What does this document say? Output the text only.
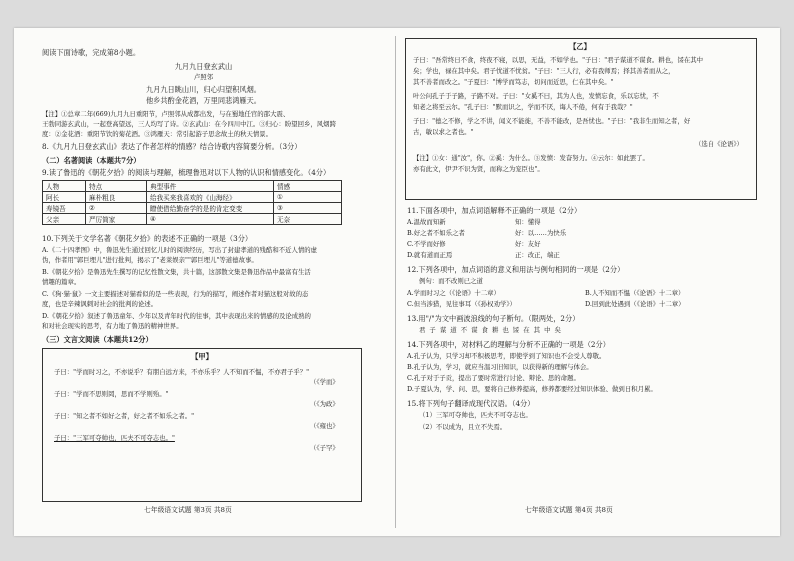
阅读下面诗歌，完成第8小题。
九月九日登玄武山
卢照邻
九月九日眺山川，归心归望积风烟。
他乡共酌金花酒，万里同悲鸿雁天。
【注】①总章二年(669)九月九日重阳节，卢照邻从成都出发，与在蜀地任官的邵大震、
王勃同游玄武山，一起登高望远，三人均写了诗。②玄武山：在今四川中江。③归心：盼望回乡，风烟跨
度：②金花酒：重阳节饮的菊花酒。③鸿雁天：常引起游子思念故土的秋天情景。
8.《九月九日登玄武山》表达了作者怎样的情感？结合诗歌内容简要分析。（3分）
（二）名著阅读（本题共7分）
9.读了鲁迅的《朝花夕拾》的阅读与理解，梳理鲁迅对以下人物的认识和情感变化。（4分）
人物	特点	典型事件	情感
阿长	麻朴粗良	给我买来我喜欢的《山海经》	①
寿镜吾	②	瞭使借给勤奋学的是的肯定变变	③
父亲	严厉简家	④	无奈
10.下列关于文学名著《朝花夕拾》的表述不正确的一项是（3分）
A.《二十四孝图》中，鲁迅先生通过回忆儿时的阅读经历，写出了封建孝道的残酷和不近人情的虚
伪，作者用"郭巨埋儿"进行批判，揭示了"老莱娱亲""郭巨埋儿"等道德故事。
B.《朝花夕拾》是鲁迅先生撰写的记忆性散文集，共十篇，这部散文集是鲁迅作品中最富有生活
情趣的篇章。
C.《狗·猫·鼠》一文主要描述对猫看似的是一些表现，行为的描写，阐述作者对猫这般对故的态
度，也是辛辣讽刺对社会的批判的论述。
D.《朝花夕拾》叙述了鲁迅童年、少年以及青年时代的往事，其中表现出来的情感的及论成熟的
和对社会现实的思考，有力地了鲁迅的精神世界。
（三）文言文阅读（本题共12分）
【甲】
子曰："学而时习之，不亦说乎？有朋自远方来，不亦乐乎？人不知而不愠，不亦君子乎？"
（《学而》
子曰："学而不思则罔，思而不学则殆。"
（《为政》
子曰："知之者不如好之者，好之者不如乐之者。"
（《雍也》
子曰："三军可夺帅也，匹夫不可夺志也。"
（《子罕》
七年级语文试题 第3页 共8页
【乙】
子曰："吾常终日不食，终夜不寝，以思，无益，不如学也。"子曰："君子谋道不谋食。耕也，馁在其中
矣；学也，禄在其中矣。君子忧道不忧贫。"子曰："三人行，必有我师焉；择其善者而从之，
其不善者而改之。"子夏曰："博学而笃志，切问而近思，仁在其中矣。"
叶公问孔子于子路，子路不对。子曰："女奚不曰，其为人也，发愤忘食，乐以忘忧，不
知老之将至云尔。"孔子曰："默而识之，学而不厌，诲人不倦，何有于我哉？"
子曰："德之不修，学之不讲，闻义不能徙，不善不能改，是吾忧也。"子曰："我非生而知之者，好
古，敏以求之者也。"
（选自《论语》）
【注】①女：通"汝"，你。②奚：为什么。③发愤：发奋努力。④云尔：如此罢了。
亦有此文，伊尹不识为贤，而称之为宠臣也"。
11.下面各项中，加点词语解释不正确的一项是（2分）
A.温故而知新	知：懂得
B.好之者不如乐之者	好：以……为快乐
C.不学而好修	好：友好
D.就有道而正焉	正：改正，端正
12.下列各项中，加点词语的意义和用法与例句相同的一项是（2分）
例句：而不改则已之道
A.学而时习之（《论语》十二章）	B.人不知而不愠（《论语》十二章）
C.但当涉猎，见往事耳（《孙权劝学》）	D.回到此处遇到（《论语》十二章）
13.用"/"为文中画波浪线的句子断句。（限两处，2分）
君 子 谋 道 不 谋 食 耕 也 馁 在 其 中 矣
14.下列各项中，对材料乙的理解与分析不正确的一项是（2分）
A.孔子认为，只学习却不积极思考，即使学到了知识也不会受人尊敬。
B.孔子认为，学习，就应当温习旧知识，以获得新的理解与体会。
C.孔子对于子贡，提出了要时常进行讨论、辩论、思的命题。
D.子夏认为，学、问、思，要将自己修养提高，修养都要经过知识体验、做到日积月累。
15.将下列句子翻译成现代汉语。（4分）
（1）三军可夺帅也，匹夫不可夺志也。
（2）不以成为，且立不失焉。
七年级语文试题 第4页 共8页
